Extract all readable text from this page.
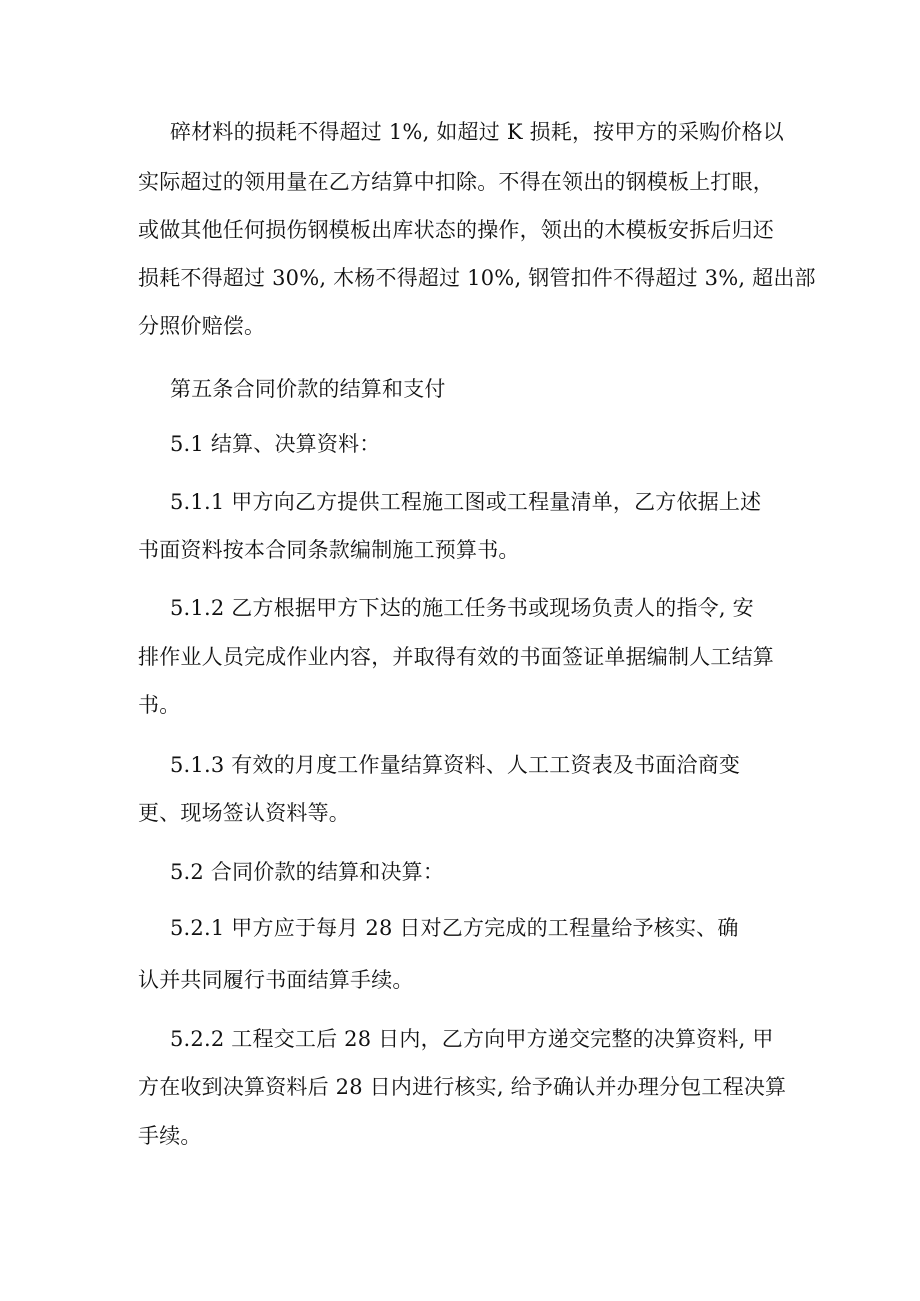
碎材料的损耗不得超过 1%, 如超过 K 损耗，按甲方的采购价格以
实际超过的领用量在乙方结算中扣除。不得在领出的钢模板上打眼，
或做其他任何损伤钢模板出库状态的操作，领出的木模板安拆后归还
损耗不得超过 30%, 木杨不得超过 10%, 钢管扣件不得超过 3%, 超出部
分照价赔偿。
第五条合同价款的结算和支付
5.1 结算、决算资料：
5.1.1 甲方向乙方提供工程施工图或工程量清单，乙方依据上述
书面资料按本合同条款编制施工预算书。
5.1.2 乙方根据甲方下达的施工任务书或现场负责人的指令, 安
排作业人员完成作业内容，并取得有效的书面签证单据编制人工结算
书。
5.1.3 有效的月度工作量结算资料、人工工资表及书面洽商变
更、现场签认资料等。
5.2 合同价款的结算和决算：
5.2.1 甲方应于每月 28 日对乙方完成的工程量给予核实、确
认并共同履行书面结算手续。
5.2.2 工程交工后 28 日内，乙方向甲方递交完整的决算资料, 甲
方在收到决算资料后 28 日内进行核实, 给予确认并办理分包工程决算
手续。
